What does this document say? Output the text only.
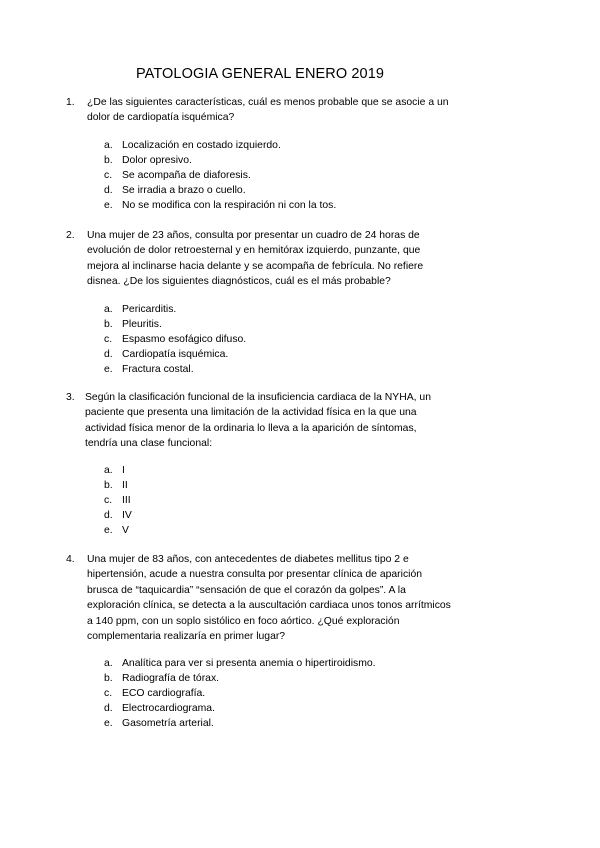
PATOLOGIA GENERAL ENERO 2019
1. ¿De las siguientes características, cuál es menos probable que se asocie a un
dolor de cardiopatía isquémica?
a. Localización en costado izquierdo.
b. Dolor opresivo.
c. Se acompaña de diaforesis.
d. Se irradia a brazo o cuello.
e. No se modifica con la respiración ni con la tos.
2. Una mujer de 23 años, consulta por presentar un cuadro de 24 horas de
evolución de dolor retroesternal y en hemitórax izquierdo, punzante, que
mejora al inclinarse hacia delante y se acompaña de febrícula. No refiere
disnea. ¿De los siguientes diagnósticos, cuál es el más probable?
a. Pericarditis.
b. Pleuritis.
c. Espasmo esofágico difuso.
d. Cardiopatía isquémica.
e. Fractura costal.
3. Según la clasificación funcional de la insuficiencia cardiaca de la NYHA, un
paciente que presenta una limitación de la actividad física en la que una
actividad física menor de la ordinaria lo lleva a la aparición de síntomas,
tendría una clase funcional:
a. I
b. II
c. III
d. IV
e. V
4. Una mujer de 83 años, con antecedentes de diabetes mellitus tipo 2 e
hipertensión, acude a nuestra consulta por presentar clínica de aparición
brusca de “taquicardia” “sensación de que el corazón da golpes”. A la
exploración clínica, se detecta a la auscultación cardiaca unos tonos arrítmicos
a 140 ppm, con un soplo sistólico en foco aórtico. ¿Qué exploración
complementaria realizaría en primer lugar?
a. Analítica para ver si presenta anemia o hipertiroidismo.
b. Radiografía de tórax.
c. ECO cardiografía.
d. Electrocardiograma.
e. Gasometría arterial.
